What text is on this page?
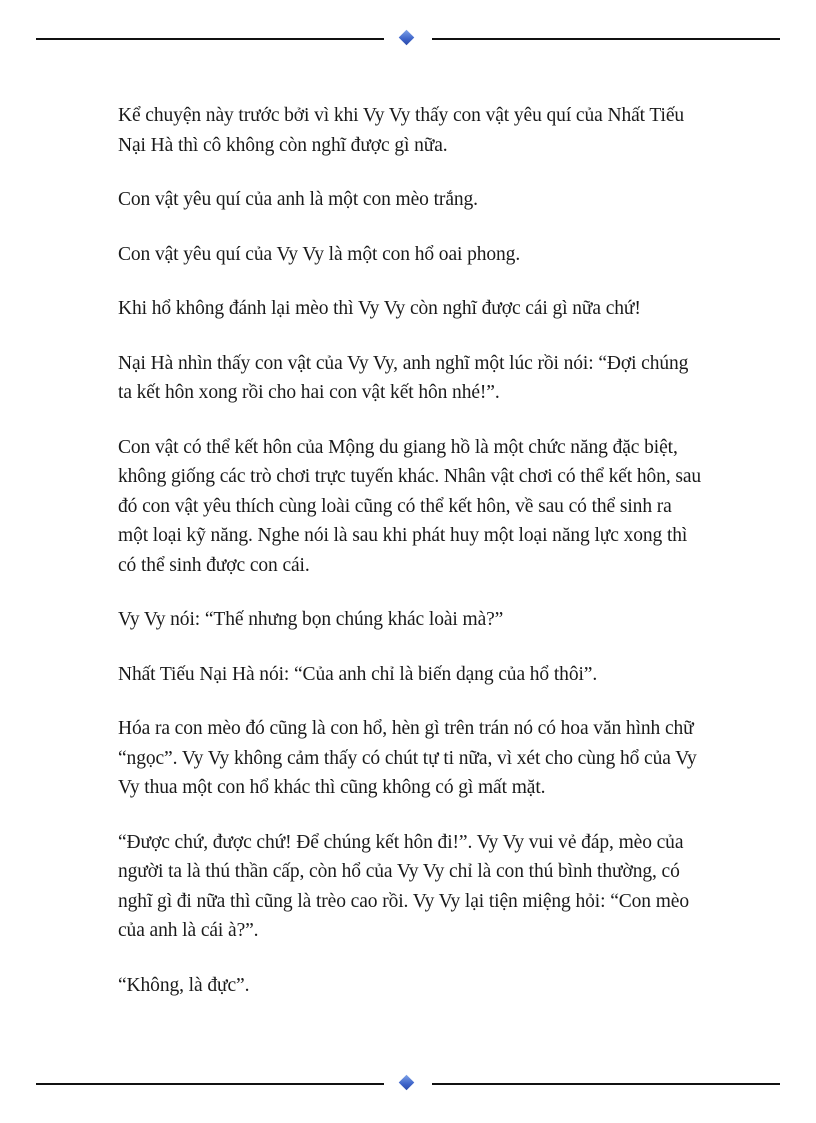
Kể chuyện này trước bởi vì khi Vy Vy thấy con vật yêu quí của Nhất Tiếu Nại Hà thì cô không còn nghĩ được gì nữa.

Con vật yêu quí của anh là một con mèo trắng.

Con vật yêu quí của Vy Vy là một con hổ oai phong.

Khi hổ không đánh lại mèo thì Vy Vy còn nghĩ được cái gì nữa chứ!

Nại Hà nhìn thấy con vật của Vy Vy, anh nghĩ một lúc rồi nói: “Đợi chúng ta kết hôn xong rồi cho hai con vật kết hôn nhé!”.

Con vật có thể kết hôn của Mộng du giang hồ là một chức năng đặc biệt, không giống các trò chơi trực tuyến khác. Nhân vật chơi có thể kết hôn, sau đó con vật yêu thích cùng loài cũng có thể kết hôn, về sau có thể sinh ra một loại kỹ năng. Nghe nói là sau khi phát huy một loại năng lực xong thì có thể sinh được con cái.

Vy Vy nói: “Thế nhưng bọn chúng khác loài mà?”

Nhất Tiếu Nại Hà nói: “Của anh chỉ là biến dạng của hổ thôi”.

Hóa ra con mèo đó cũng là con hổ, hèn gì trên trán nó có hoa văn hình chữ “ngọc”. Vy Vy không cảm thấy có chút tự ti nữa, vì xét cho cùng hổ của Vy Vy thua một con hổ khác thì cũng không có gì mất mặt.

“Được chứ, được chứ! Để chúng kết hôn đi!”. Vy Vy vui vẻ đáp, mèo của người ta là thú thần cấp, còn hổ của Vy Vy chỉ là con thú bình thường, có nghĩ gì đi nữa thì cũng là trèo cao rồi. Vy Vy lại tiện miệng hỏi: “Con mèo của anh là cái à?”.

“Không, là đực”.
